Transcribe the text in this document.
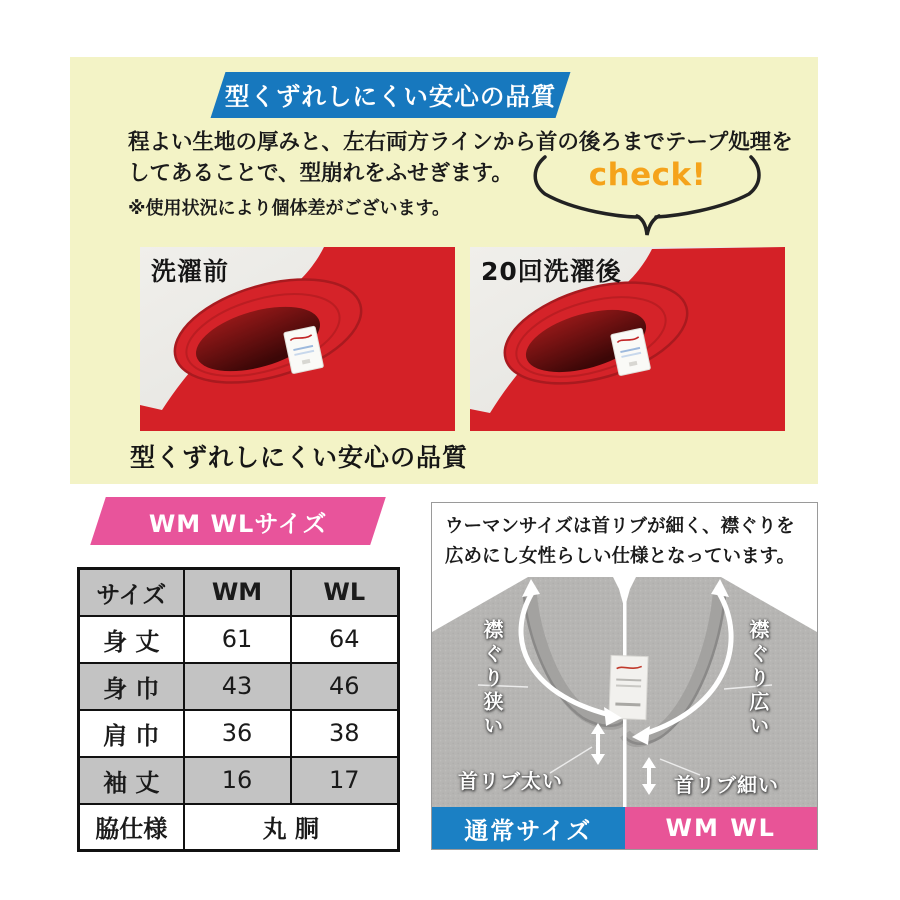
型くずれしにくい安心の品質
程よい生地の厚みと、左右両方ラインから首の後ろまでテープ処理を
してあることで、型崩れをふせぎます。
※使用状況により個体差がございます。
check!
洗濯前	20回洗濯後
型くずれしにくい安心の品質
WM WLサイズ
サイズ	WM	WL
身 丈	61	64
身 巾	43	46
肩 巾	36	38
袖 丈	16	17
脇仕様	丸 胴	
ウーマンサイズは首リブが細く、襟ぐりを
広めにし女性らしい仕様となっています。
襟ぐり狭い	襟ぐり広い
首リブ太い	首リブ細い
通常サイズ	WM WL
